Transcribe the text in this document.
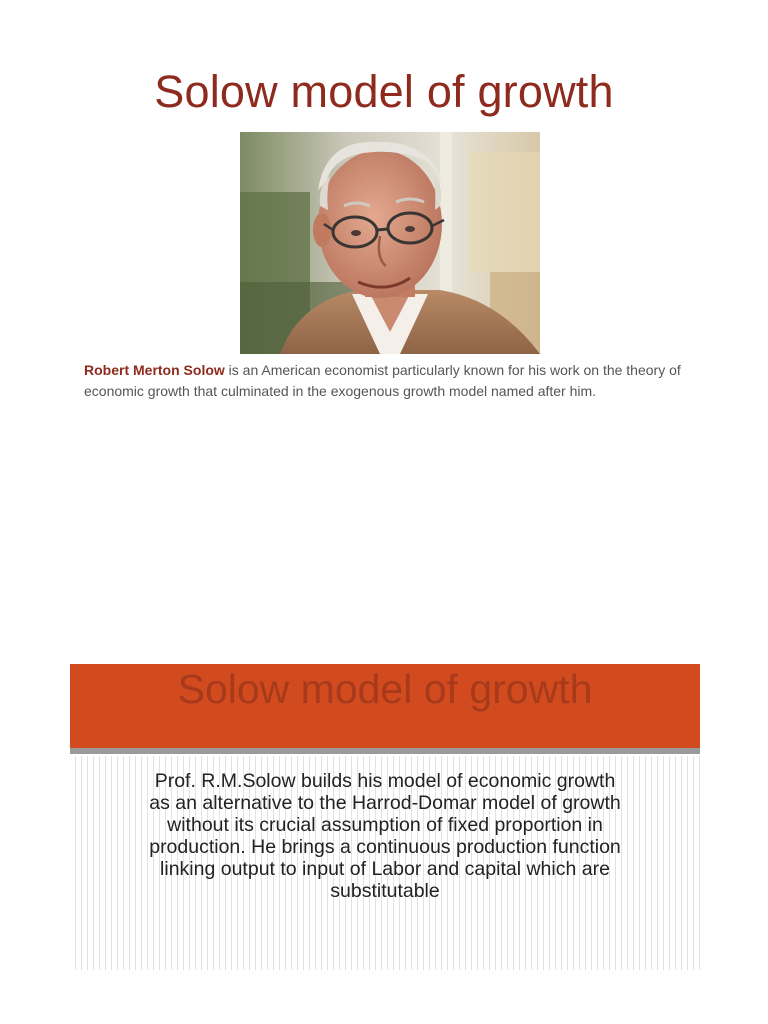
Solow model of growth
Robert Merton Solow is an American economist particularly known for his work on the theory of economic growth that culminated in the exogenous growth model named after him.
Solow model of growth
Prof. R.M.Solow builds his model of economic growth
as an alternative to the Harrod-Domar model of growth
without its crucial assumption of fixed proportion in
production. He brings a continuous production function
linking output to input of Labor and capital which are
substitutable
